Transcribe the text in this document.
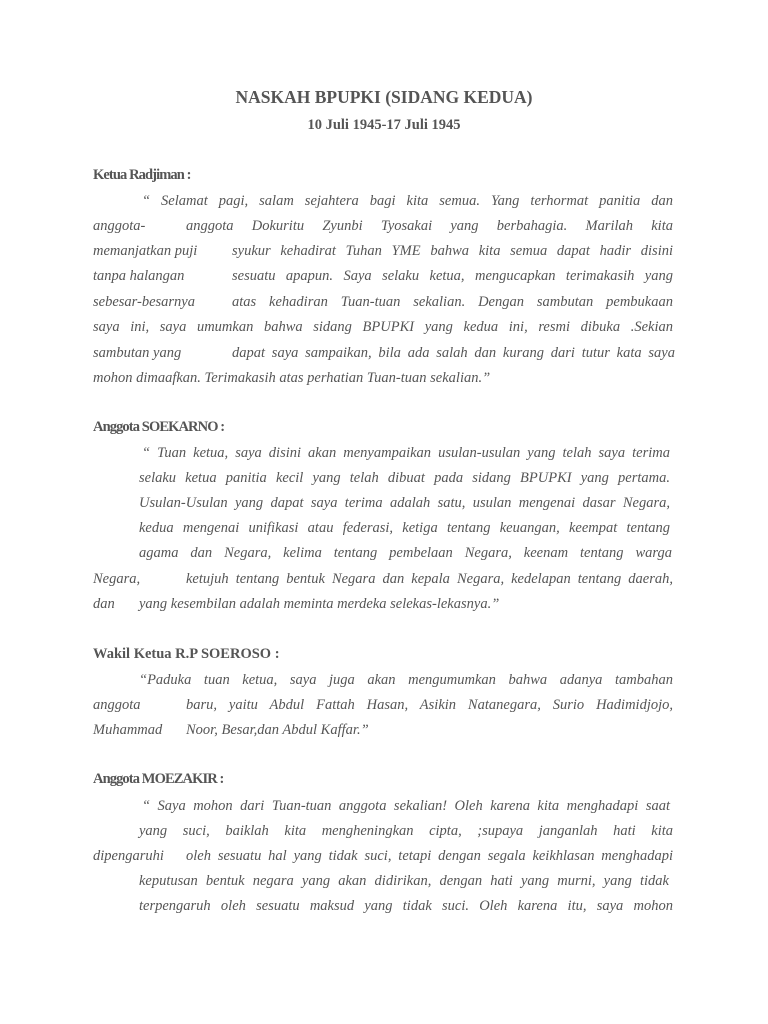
NASKAH BPUPKI (SIDANG KEDUA)
10 Juli 1945-17 Juli 1945
Ketua Radjiman :
“ Selamat pagi, salam sejahtera bagi kita semua. Yang terhormat panitia dan
anggota-	anggota Dokuritu Zyunbi Tyosakai yang berbahagia. Marilah kita
memanjatkan puji syukur kehadirat Tuhan YME bahwa kita semua dapat hadir disini
tanpa halangan	sesuatu apapun. Saya selaku ketua, mengucapkan terimakasih yang
sebesar-besarnya	atas kehadiran Tuan-tuan sekalian. Dengan sambutan pembukaan
saya ini, saya umumkan bahwa sidang BPUPKI yang kedua ini, resmi dibuka .Sekian
sambutan yang	dapat saya sampaikan, bila ada salah dan kurang dari tutur kata saya
mohon dimaafkan. Terimakasih atas perhatian Tuan-tuan sekalian.”
Anggota SOEKARNO :
“ Tuan ketua, saya disini akan menyampaikan usulan-usulan yang telah saya terima
selaku ketua panitia kecil yang telah dibuat pada sidang BPUPKI yang pertama.
Usulan-Usulan yang dapat saya terima adalah satu, usulan mengenai dasar Negara,
kedua mengenai unifikasi atau federasi, ketiga tentang keuangan, keempat tentang
agama dan Negara, kelima tentang pembelaan Negara, keenam tentang warga
Negara,	ketujuh tentang bentuk Negara dan kepala Negara, kedelapan tentang daerah,
dan yang kesembilan adalah meminta merdeka selekas-lekasnya.”
Wakil Ketua R.P SOEROSO :
“Paduka tuan ketua, saya juga akan mengumumkan bahwa adanya tambahan
anggota	baru, yaitu Abdul Fattah Hasan, Asikin Natanegara, Surio Hadimidjojo,
Muhammad Noor, Besar,dan Abdul Kaffar.”
Anggota MOEZAKIR :
“ Saya mohon dari Tuan-tuan anggota sekalian! Oleh karena kita menghadapi saat
yang suci, baiklah kita mengheningkan cipta, ;supaya janganlah hati kita
dipengaruhi oleh sesuatu hal yang tidak suci, tetapi dengan segala keikhlasan menghadapi
keputusan bentuk negara yang akan didirikan, dengan hati yang murni, yang tidak
terpengaruh oleh sesuatu maksud yang tidak suci. Oleh karena itu, saya mohon
